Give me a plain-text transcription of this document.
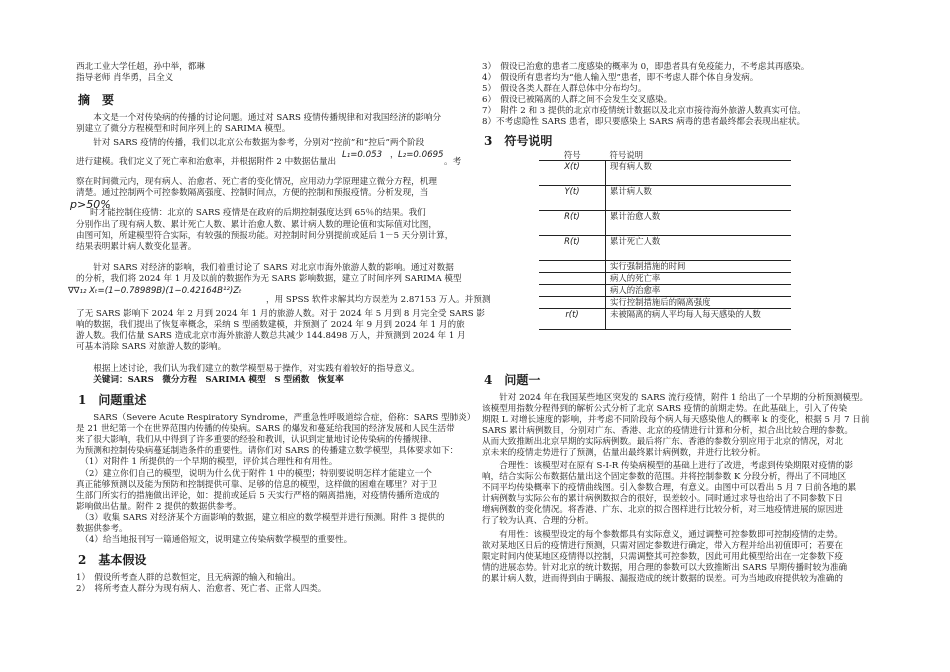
西北工业大学任超，孙中举，都琳
指导老师 肖华勇，吕全义
摘　要
　　本文是一个对传染病的传播的讨论问题。通过对 SARS 疫情传播规律和对我国经济的影响分
别建立了微分方程模型和时间序列上的 SARIMA 模型。
　　针对 SARS 疫情的传播，我们以北京公布数据为参考，分别对“控前”和“控后”两个阶段
进行建模。我们定义了死亡率和治愈率，并根据附件 2 中数据估量出
L₁=0.053 ， L₂=0.0695
。考
察在时间微元内，现有病人、治愈者、死亡者的变化情况，应用动力学原理建立微分方程，机理
清楚。通过控制两个可控参数隔离强度、控制时间点，方便的控制和预报疫情。分析发现，当
p>50%
时才能控制住疫情：北京的 SARS 疫情是在政府的后期控制强度达到 65％的结果。我们
分别作出了现有病人数、累计死亡人数、累计治愈人数、累计病人数的理论值和实际值对比图，
由图可知，所建模型符合实际，有较强的预报功能。对控制时间分别提前或延后 1－5 天分别计算，
结果表明累计病人数变化显著。
　　针对 SARS 对经济的影响，我们着重讨论了 SARS 对北京市海外旅游人数的影响。通过对数据
的分析，我们将 2024 年 1 月及以前的数据作为无 SARS 影响数据，建立了时间序列 SARIMA 模型
∇∇₁₂ Xₜ=(1−0.78989B)(1−0.42164B¹²)Zₜ
，用 SPSS 软件求解其均方误差为 2.87153 万人。并预测
了无 SARS 影响下 2024 年 2 月到 2024 年 1 月的旅游人数。对于 2024 年 5 月到 8 月完全受 SARS 影
响的数据，我们提出了恢复率概念，采纳 S 型函数建模，并预测了 2024 年 9 月到 2024 年 1 月的旅
游人数。我们估量 SARS 造成北京市海外旅游人数总共减少 144.8498 万人，并预测到 2024 年 1 月
可基本消除 SARS 对旅游人数的影响。
　　根据上述讨论，我们认为我们建立的数学模型易于操作，对实践有着较好的指导意义。
　　关键词：SARS　微分方程　SARIMA 模型　S 型函数　恢复率
1　问题重述
　　SARS（Severe Acute Respiratory Syndrome，严重急性呼吸道综合症，俗称：SARS 型肺炎）
是 21 世纪第一个在世界范围内传播的传染病。SARS 的爆发和蔓延给我国的经济发展和人民生活带
来了很大影响，我们从中得到了许多重要的经验和教训，认识到定量地讨论传染病的传播规律、
为预测和控制传染病蔓延制造条件的重要性。请你们对 SARS 的传播建立数学模型，具体要求如下：
　（1）对附件 1 所提供的一个早期的模型，评价其合理性和有用性。
　（2）建立你们自己的模型，说明为什么优于附件 1 中的模型；特别要说明怎样才能建立一个
真正能够预测以及能为预防和控制提供可靠、足够的信息的模型，这样做的困难在哪里？对于卫
生部门所实行的措施做出评论，如：提前或延后 5 天实行严格的隔离措施，对疫情传播所造成的
影响做出估量。附件 2 提供的数据供参考。
　（3）收集 SARS 对经济某个方面影响的数据，建立相应的数学模型并进行预测。附件 3 提供的
数据供参考。
　（4）给当地报刊写一篇通俗短文，说明建立传染病数学模型的重要性。
2　基本假设
1）　假设所考查人群的总数恒定，且无病源的输入和输出。
2）　将所考查人群分为现有病人、治愈者、死亡者、正常人四类。
3）　假设已治愈的患者二度感染的概率为 0，即患者具有免疫能力，不考虑其再感染。
4）　假设所有患者均为“他人输入型”患者，即不考虑人群个体自身发病。
5）　假设各类人群在人群总体中分布均匀。
6）　假设已被隔离的人群之间不会发生交叉感染。
7）　附件 2 和 3 提供的北京市疫情统计数据以及北京市接待海外旅游人数真实可信。
8）不考虑隐性 SARS 患者，即只要感染上 SARS 病毒的患者最终都会表现出症状。
3　符号说明
符号	符号说明
X(t)	现有病人数
Y(t)	累计病人数
R(t)	累计治愈人数
R(t)	累计死亡人数
	实行强制措施的时间
	病人的死亡率
	病人的治愈率
	实行控制措施后的隔离强度
r(t)	未被隔离的病人平均每人每天感染的人数
4　问题一
　　针对 2024 年在我国某些地区突发的 SARS 流行疫情，附件 1 给出了一个早期的分析预测模型。
该模型用指数分程得到的解析公式分析了北京 SARS 疫情的前期走势。在此基础上，引入了传染
期限 L 对增长速度的影响，并考虑不同阶段每个病人每天感染他人的概率 k 的变化，根据 5 月 7 日前
SARS 累计病例数目，分别对广东、香港、北京的疫情进行计算和分析，拟合出比较合理的参数。
从而大致推断出北京早期的实际病例数。最后将广东、香港的参数分别应用于北京的情况，对北
京未来的疫情走势进行了预测，估量出最终累计病例数，并进行比较分析。
　　合理性：该模型对在原有 S-I-R 传染病模型的基础上进行了改进，考虑到传染期限对疫情的影
响，结合实际公布数据估量出这个固定参数的范围。并将控制参数 K 分段分析，得出了不同地区
不同平均传染概率下的疫情曲线图。引入参数合理，有意义。由图中可以看出 5 月 7 日前各地的累
计病例数与实际公布的累计病例数拟合的很好，误差较小。同时通过求导也给出了不同参数下日
增病例数的变化情况。将香港、广东、北京的拟合图样进行比较分析，对三地疫情进展的原因进
行了较为认真、合理的分析。
　　有用性：该模型设定的每个参数都具有实际意义，通过调整可控参数即可控制疫情的走势。
欲对某地区日后的疫情进行预测，只需对固定参数进行确定，带入方程并给出初值即可；若要在
限定时间内使某地区疫情得以控制，只需调整其可控参数，因此可用此模型给出在一定参数下疫
情的进展态势。针对北京的统计数据，用合理的参数可以大致推断出 SARS 早期传播时较为准确
的累计病人数，进而得到由于瞒报、漏报造成的统计数据的误差。可为当地政府提供较为准确的
